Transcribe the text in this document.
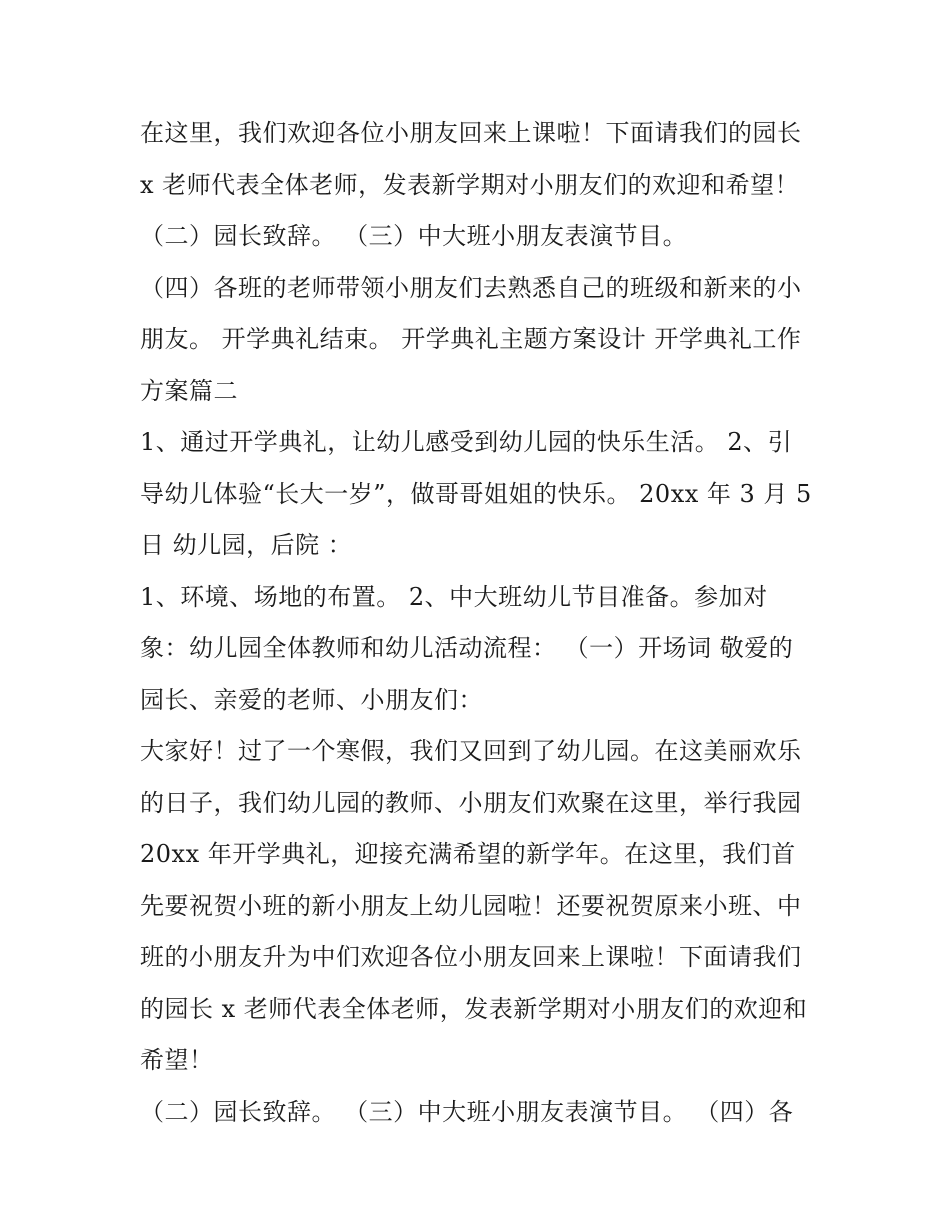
在这里，我们欢迎各位小朋友回来上课啦！下面请我们的园长
x 老师代表全体老师，发表新学期对小朋友们的欢迎和希望！
（二）园长致辞。 （三）中大班小朋友表演节目。
（四）各班的老师带领小朋友们去熟悉自己的班级和新来的小
朋友。 开学典礼结束。 开学典礼主题方案设计 开学典礼工作
方案篇二
1、通过开学典礼，让幼儿感受到幼儿园的快乐生活。 2、引
导幼儿体验“长大一岁”，做哥哥姐姐的快乐。 20xx 年 3 月 5
日 幼儿园，后院 ：
1、环境、场地的布置。 2、中大班幼儿节目准备。参加对
象：幼儿园全体教师和幼儿活动流程： （一）开场词 敬爱的
园长、亲爱的老师、小朋友们：
大家好！过了一个寒假，我们又回到了幼儿园。在这美丽欢乐
的日子，我们幼儿园的教师、小朋友们欢聚在这里，举行我园
20xx 年开学典礼，迎接充满希望的新学年。在这里，我们首
先要祝贺小班的新小朋友上幼儿园啦！还要祝贺原来小班、中
班的小朋友升为中们欢迎各位小朋友回来上课啦！下面请我们
的园长 x 老师代表全体老师，发表新学期对小朋友们的欢迎和
希望！
（二）园长致辞。 （三）中大班小朋友表演节目。 （四）各
